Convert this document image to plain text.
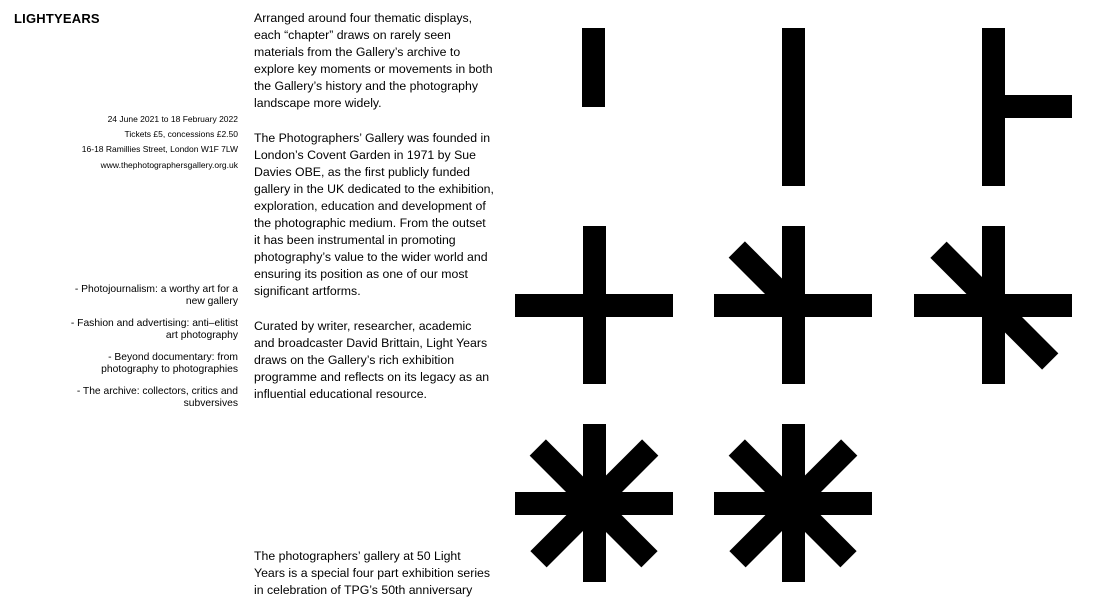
LIGHTYEARS
24 June 2021 to 18 February 2022
Tickets £5, concessions £2.50
16-18 Ramillies Street, London W1F 7LW
www.thephotographersgallery.org.uk
- Photojournalism: a worthy art for a new gallery
- Fashion and advertising: anti–elitist art photography
- Beyond documentary: from photography to photographies
- The archive: collectors, critics and subversives

Arranged around four thematic displays, each “chapter” draws on rarely seen materials from the Gallery’s archive to explore key moments or movements in both the Gallery’s history and the photography landscape more widely.

The Photographers’ Gallery was founded in London’s Covent Garden in 1971 by Sue Davies OBE, as the first publicly funded gallery in the UK dedicated to the exhibition, exploration, education and development of the photographic medium. From the outset it has been instrumental in promoting photography’s value to the wider world and ensuring its position as one of our most significant artforms.

Curated by writer, researcher, academic and broadcaster David Brittain, Light Years draws on the Gallery’s rich exhibition programme and reflects on its legacy as an influential educational resource.

The photographers’ gallery at 50 Light Years is a special four part exhibition series in celebration of TPG’s 50th anniversary
